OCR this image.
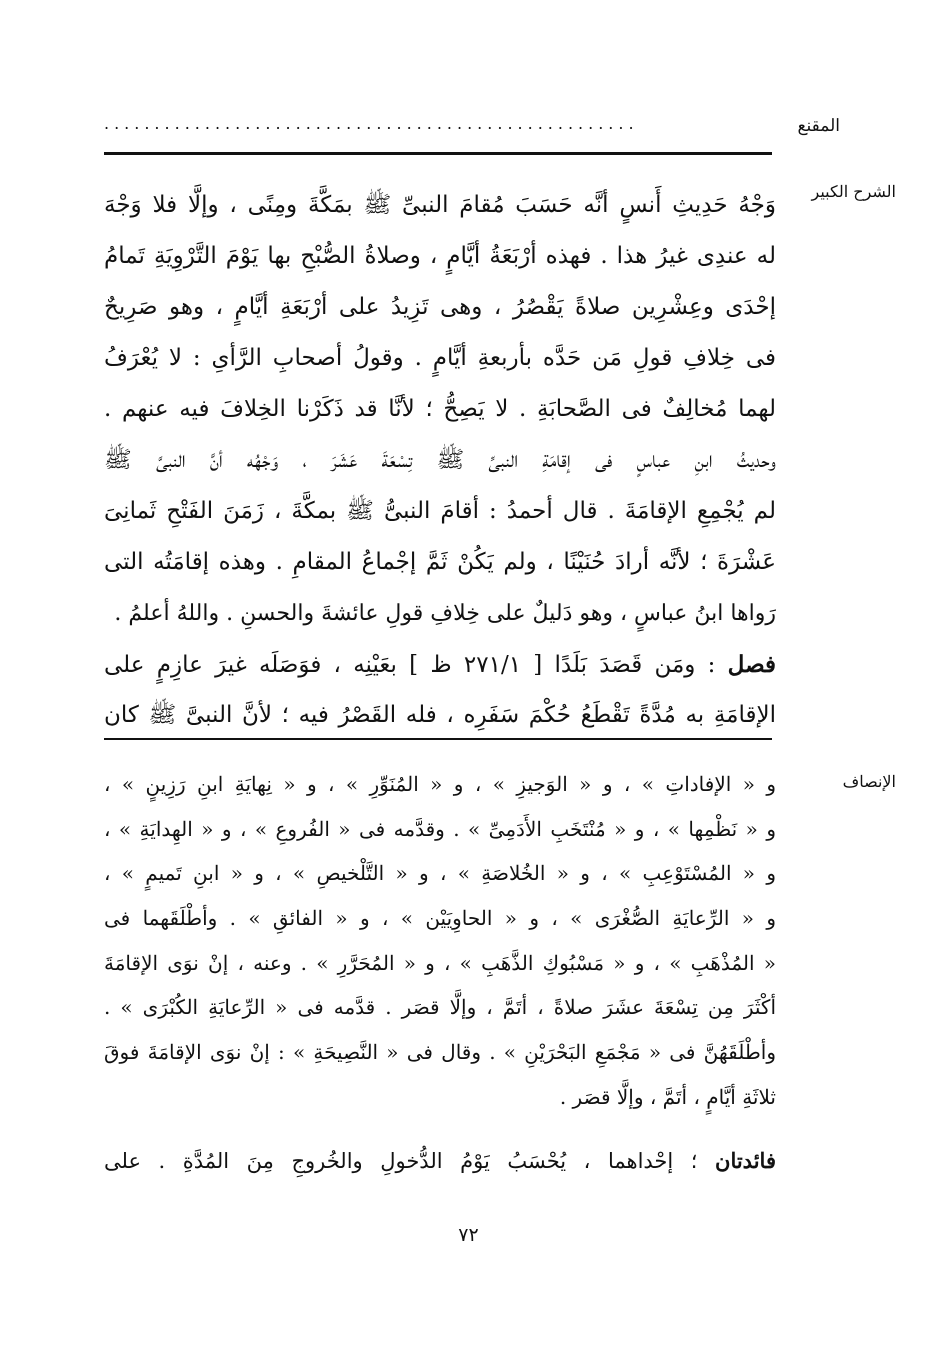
المقنع
.....................................................
الشرح الكبير
وَجْهُ حَدِيثِ أَنسٍ أنَّه حَسَبَ مُقامَ النبىِّ ﷺ بمَكَّةَ ومِنًى ، وإلَّا فلا وَجْهَ
له عندِى غيرُ هذا . فهذه أرْبَعَةُ أيَّامٍ ، وصلاةُ الصُّبْحِ بها يَوْمَ التَّرْوِيَةِ تَمامُ
إحْدَى وعِشْرِين صلاةً يَقْصُرُ ، وهى تَزِيدُ على أرْبَعَةِ أيَّامٍ ، وهو صَرِيحٌ
فى خِلافِ قولِ مَن حَدَّه بأربعةِ أيَّامٍ . وقولُ أصحابِ الرَّأىِ : لا يُعْرَفُ
لهما مُخالِفٌ فى الصَّحابَةِ . لا يَصِحُّ ؛ لأنَّا قد ذَكَرْنا الخِلافَ فيه عنهم .
وحديثُ ابنِ عباسٍ فى إقامَةِ النبىِّ ﷺ تِسْعَةَ عَشَرَ ، وَجْهُه أنَّ النبىَّ ﷺ
لم يُجْمِعِ الإقامَةَ . قال أحمدُ : أقامَ النبىُّ ﷺ بمكَّةَ ، زَمَنَ الفَتْحِ ثَمانِىَ
عَشْرَةَ ؛ لأنَّه أرادَ حُنَيْنًا ، ولم يَكُنْ ثَمَّ إجْماعُ المقامِ . وهذه إقامَتُه التى
رَواها ابنُ عباسٍ ، وهو دَليلٌ على خِلافِ قولِ عائشةَ والحسنِ . واللهُ أعلمُ .
فصل : ومَن قَصَدَ بَلَدًا [ ٢٧١/١ ظ ] بعَيْنِه ، فوَصَلَه غيرَ عازِمٍ على
الإقامَةِ به مُدَّةً تَقْطَعُ حُكْمَ سَفَرِه ، فله القَصْرُ فيه ؛ لأنَّ النبىَّ ﷺ كان
الإنصاف
و « الإفاداتِ » ، و « الوَجيزِ » ، و « المُنَوِّرِ » ، و « نِهايَةِ ابنِ رَزِينٍ » ،
و « نَظْمِها » ، و « مُنْتَخَبِ الأَدَمِىِّ » . وقدَّمه فى « الفُروعِ » ، و « الهِدايَةِ » ،
و « المُسْتَوْعِبِ » ، و « الخُلاصَةِ » ، و « التَّلْخيصِ » ، و « ابنِ تَميمٍ » ،
و « الرِّعايَةِ الصُّغْرَى » ، و « الحاوِيَيْن » ، و « الفائقِ » . وأطْلَقَهما فى
« المُذْهَبِ » ، و « مَسْبُوكِ الذَّهَبِ » ، و « المُحَرَّرِ » . وعنه ، إنْ نوَى الإقامَةَ
أكْثَرَ مِن تِسْعَةَ عشَرَ صلاةً ، أتَمَّ ، وإلَّا قصَر . قدَّمه فى « الرِّعايَةِ الكُبْرَى » .
وأطْلَقَهُنَّ فى « مَجْمَعِ البَحْرَيْنِ » . وقال فى « النَّصِيحَةِ » : إنْ نوَى الإقامَةَ فوقَ
ثلاثَةِ أيَّامٍ ، أتَمَّ ، وإلَّا قصَر .
فائدتان ؛ إحْداهما ، يُحْسَبُ يَوْمُ الدُّخولِ والخُروجِ مِنَ المُدَّةِ . على
٧٢
